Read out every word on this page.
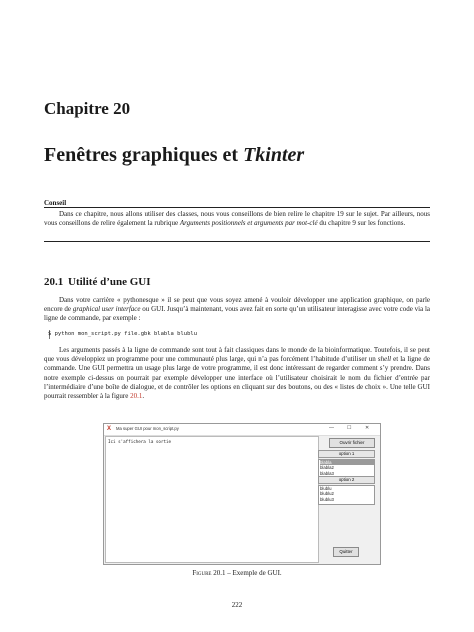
Chapitre 20
Fenêtres graphiques et Tkinter
Conseil

Dans ce chapitre, nous allons utiliser des classes, nous vous conseillons de bien relire le chapitre 19 sur le sujet. Par ailleurs, nous vous conseillons de relire également la rubrique Arguments positionnels et arguments par mot-clé du chapitre 9 sur les fonctions.

20.1 Utilité d’une GUI

Dans votre carrière « pythonesque » il se peut que vous soyez amené à vouloir développer une application graphique, on parle encore de graphical user interface ou GUI. Jusqu’à maintenant, vous avez fait en sorte qu’un utilisateur interagisse avec votre code via la ligne de commande, par exemple :

$ python mon_script.py file.gbk blabla blublu

Les arguments passés à la ligne de commande sont tout à fait classiques dans le monde de la bioinformatique. Toutefois, il se peut que vous développiez un programme pour une communauté plus large, qui n’a pas forcément l’habitude d’utiliser un shell et la ligne de commande. Une GUI permettra un usage plus large de votre programme, il est donc intéressant de regarder comment s’y prendre. Dans notre exemple ci-dessus on pourrait par exemple développer une interface où l’utilisateur choisirait le nom du fichier d’entrée par l’intermédiaire d’une boîte de dialogue, et de contrôler les options en cliquant sur des boutons, ou des « listes de choix ». Une telle GUI pourrait ressembler à la figure 20.1.

X Ma super GUI pour mon_script.py	—	☐	✕
Ici s'affichera la sortie	Ouvrir fichier
option 1
blabla
blabla2
blabla3
option 2
blublu
blublu2
blublu3
Quitter
Figure 20.1 – Exemple de GUI.
222
